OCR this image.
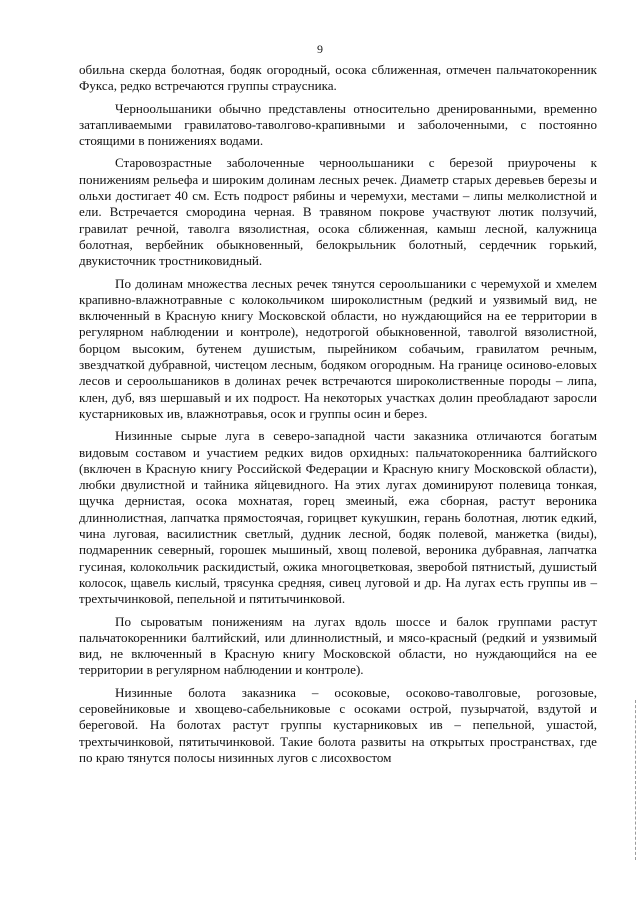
9

обильна скерда болотная, бодяк огородный, осока сближенная, отмечен пальчатокоренник Фукса, редко встречаются группы страусника.

Черноольшаники обычно представлены относительно дренированными, временно затапливаемыми гравилатово-таволгово-крапивными и заболоченными, с постоянно стоящими в понижениях водами.

Старовозрастные заболоченные черноольшаники с березой приурочены к понижениям рельефа и широким долинам лесных речек. Диаметр старых деревьев березы и ольхи достигает 40 см. Есть подрост рябины и черемухи, местами – липы мелколистной и ели. Встречается смородина черная. В травяном покрове участвуют лютик ползучий, гравилат речной, таволга вязолистная, осока сближенная, камыш лесной, калужница болотная, вербейник обыкновенный, белокрыльник болотный, сердечник горький, двукисточник тростниковидный.

По долинам множества лесных речек тянутся сероольшаники с черемухой и хмелем крапивно-влажнотравные с колокольчиком широколистным (редкий и уязвимый вид, не включенный в Красную книгу Московской области, но нуждающийся на ее территории в регулярном наблюдении и контроле), недотрогой обыкновенной, таволгой вязолистной, борцом высоким, бутенем душистым, пырейником собачьим, гравилатом речным, звездчаткой дубравной, чистецом лесным, бодяком огородным. На границе осиново-еловых лесов и сероольшаников в долинах речек встречаются широколиственные породы – липа, клен, дуб, вяз шершавый и их подрост. На некоторых участках долин преобладают заросли кустарниковых ив, влажнотравья, осок и группы осин и берез.

Низинные сырые луга в северо-западной части заказника отличаются богатым видовым составом и участием редких видов орхидных: пальчатокоренника балтийского (включен в Красную книгу Российской Федерации и Красную книгу Московской области), любки двулистной и тайника яйцевидного. На этих лугах доминируют полевица тонкая, щучка дернистая, осока мохнатая, горец змеиный, ежа сборная, растут вероника длиннолистная, лапчатка прямостоячая, горицвет кукушкин, герань болотная, лютик едкий, чина луговая, василистник светлый, дудник лесной, бодяк полевой, манжетка (виды), подмаренник северный, горошек мышиный, хвощ полевой, вероника дубравная, лапчатка гусиная, колокольчик раскидистый, ожика многоцветковая, зверобой пятнистый, душистый колосок, щавель кислый, трясунка средняя, сивец луговой и др. На лугах есть группы ив – трехтычинковой, пепельной и пятитычинковой.

По сыроватым понижениям на лугах вдоль шоссе и балок группами растут пальчатокоренники балтийский, или длиннолистный, и мясо-красный (редкий и уязвимый вид, не включенный в Красную книгу Московской области, но нуждающийся на ее территории в регулярном наблюдении и контроле).

Низинные болота заказника – осоковые, осоково-таволговые, рогозовые, серовейниковые и хвощево-сабельниковые с осоками острой, пузырчатой, вздутой и береговой. На болотах растут группы кустарниковых ив – пепельной, ушастой, трехтычинковой, пятитычинковой. Такие болота развиты на открытых пространствах, где по краю тянутся полосы низинных лугов с лисохвостом
